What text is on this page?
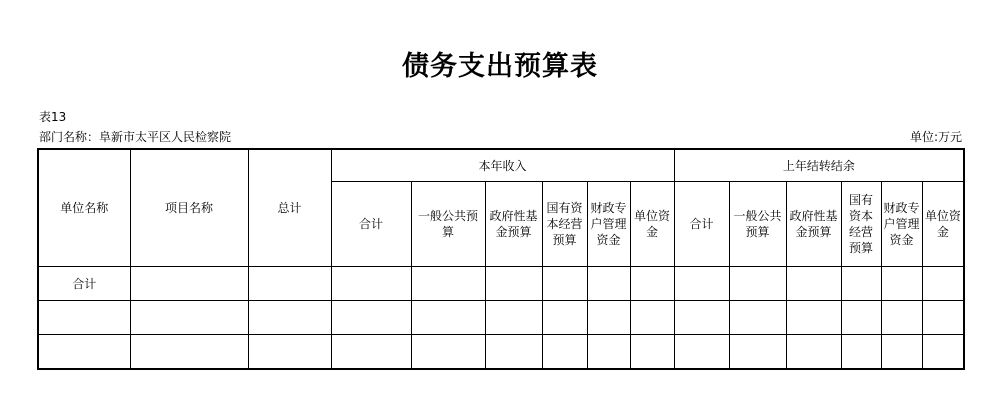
债务支出预算表
表13
部门名称：阜新市太平区人民检察院	单位:万元
单位名称	项目名称	总计	本年收入						上年结转结余					
			合计	一般公共预算	政府性基金预算	国有资本经营预算	财政专户管理资金	单位资金	合计	一般公共预算	政府性基金预算	国有资本经营预算	财政专户管理资金	单位资金
合计														
